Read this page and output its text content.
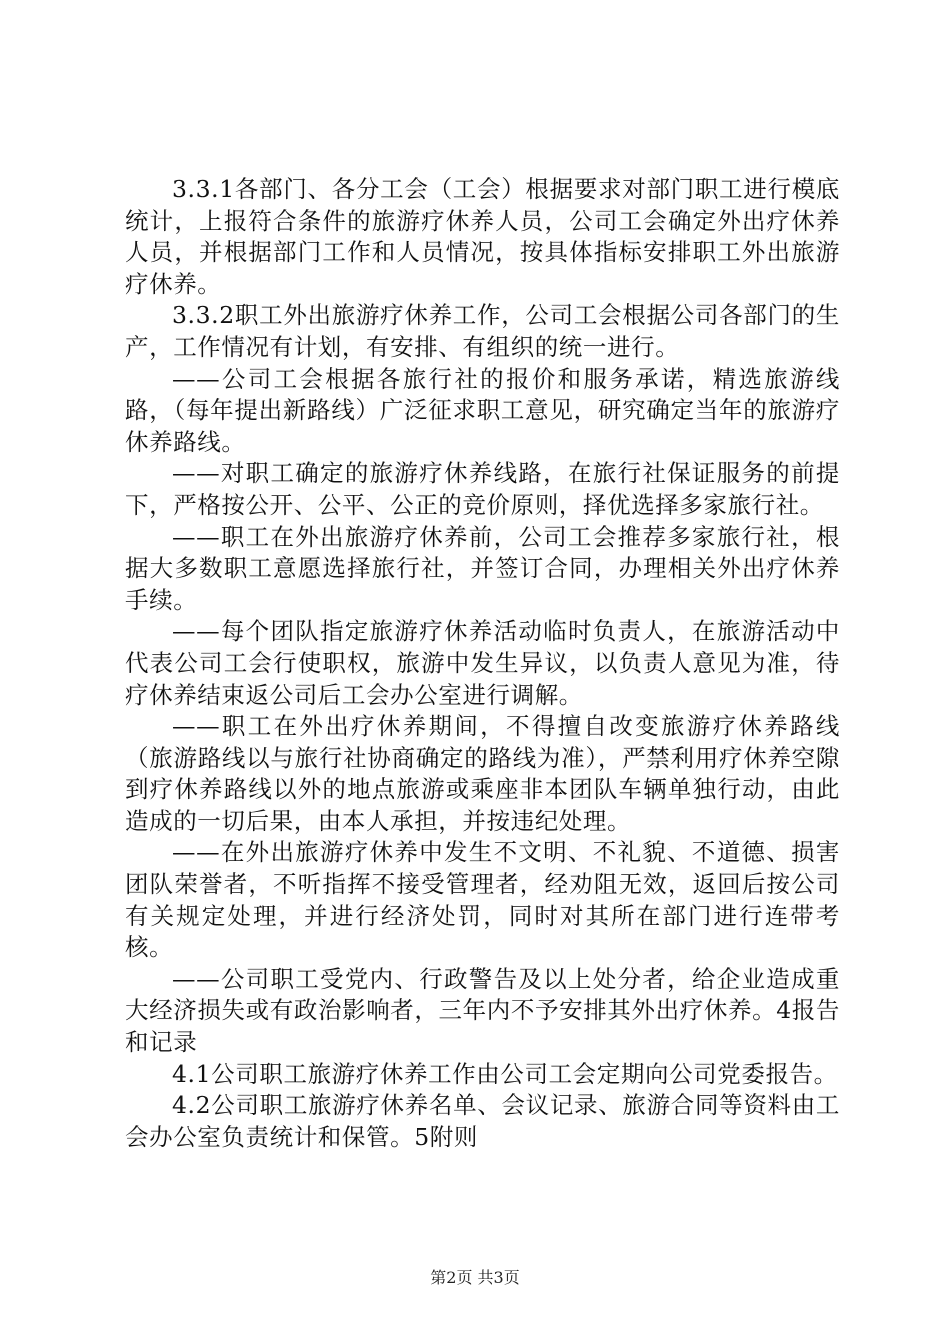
3.3.1各部门、各分工会（工会）根据要求对部门职工进行模底统计，上报符合条件的旅游疗休养人员，公司工会确定外出疗休养人员，并根据部门工作和人员情况，按具体指标安排职工外出旅游疗休养。

3.3.2职工外出旅游疗休养工作，公司工会根据公司各部门的生产，工作情况有计划，有安排、有组织的统一进行。

——公司工会根据各旅行社的报价和服务承诺，精选旅游线路，（每年提出新路线）广泛征求职工意见，研究确定当年的旅游疗休养路线。

——对职工确定的旅游疗休养线路，在旅行社保证服务的前提下，严格按公开、公平、公正的竞价原则，择优选择多家旅行社。

——职工在外出旅游疗休养前，公司工会推荐多家旅行社，根据大多数职工意愿选择旅行社，并签订合同，办理相关外出疗休养手续。

——每个团队指定旅游疗休养活动临时负责人，在旅游活动中代表公司工会行使职权，旅游中发生异议，以负责人意见为准，待疗休养结束返公司后工会办公室进行调解。

——职工在外出疗休养期间，不得擅自改变旅游疗休养路线（旅游路线以与旅行社协商确定的路线为准），严禁利用疗休养空隙到疗休养路线以外的地点旅游或乘座非本团队车辆单独行动，由此造成的一切后果，由本人承担，并按违纪处理。

——在外出旅游疗休养中发生不文明、不礼貌、不道德、损害团队荣誉者，不听指挥不接受管理者，经劝阻无效，返回后按公司有关规定处理，并进行经济处罚，同时对其所在部门进行连带考核。

——公司职工受党内、行政警告及以上处分者，给企业造成重大经济损失或有政治影响者，三年内不予安排其外出疗休养。4报告和记录

4.1公司职工旅游疗休养工作由公司工会定期向公司党委报告。

4.2公司职工旅游疗休养名单、会议记录、旅游合同等资料由工会办公室负责统计和保管。5附则

第2页 共3页
